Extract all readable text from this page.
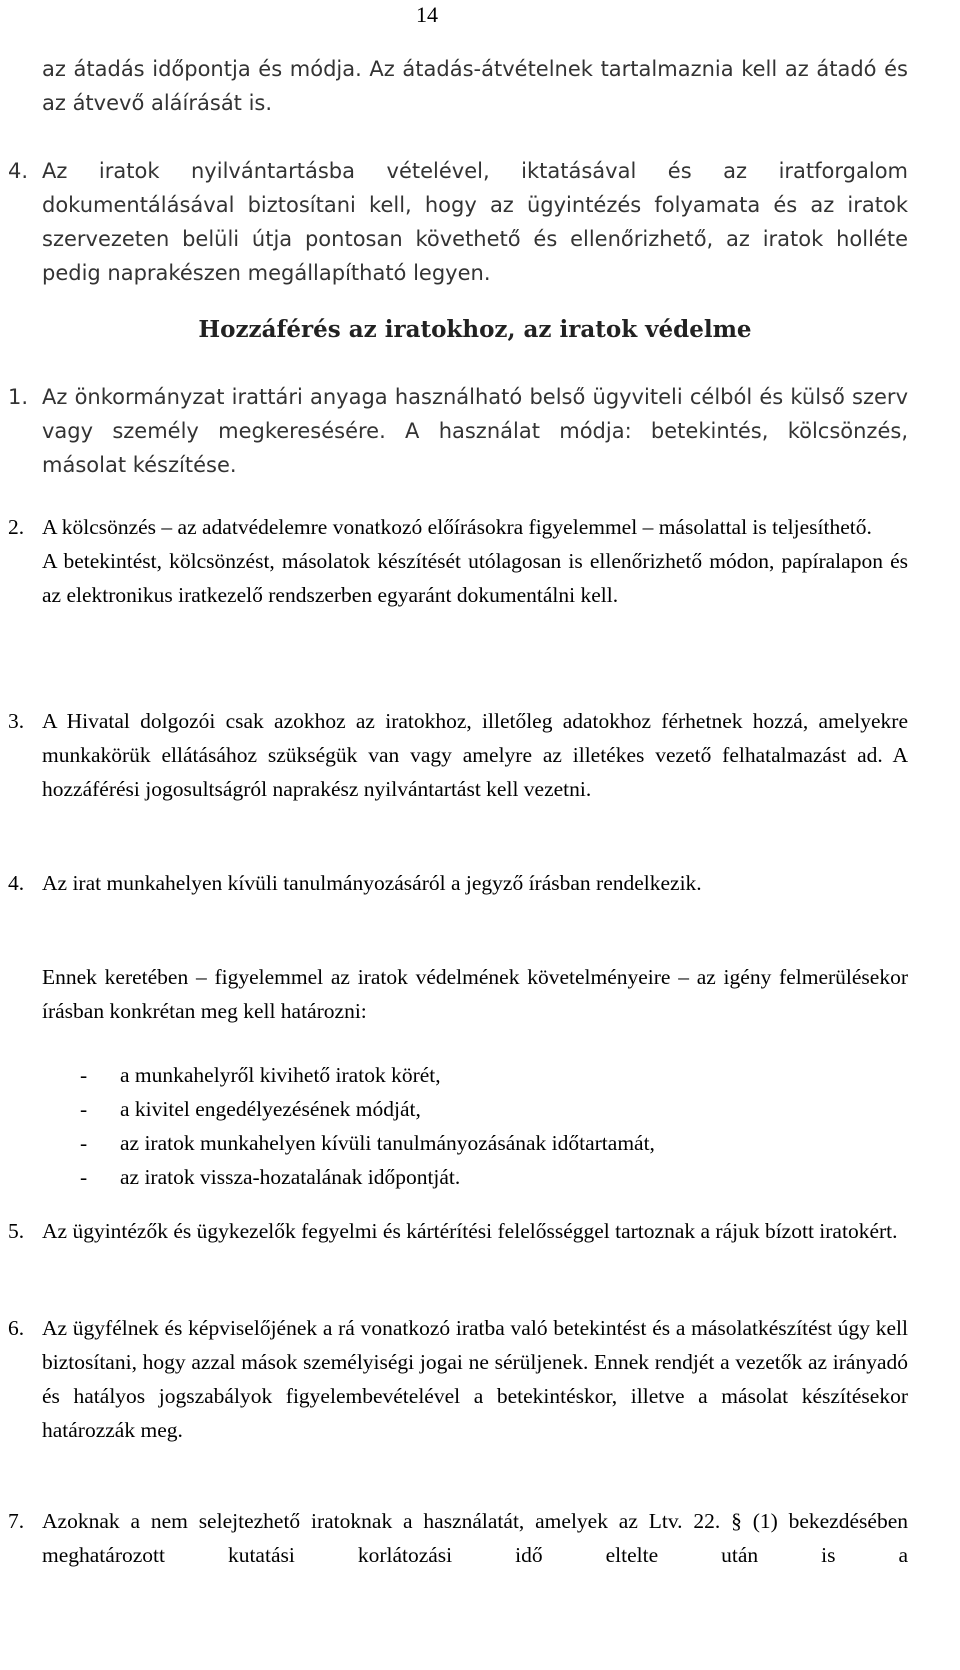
14

az átadás időpontja és módja. Az átadás-átvételnek tartalmaznia kell az átadó és az átvevő aláírását is.

4. Az iratok nyilvántartásba vételével, iktatásával és az iratforgalom dokumentálásával biztosítani kell, hogy az ügyintézés folyamata és az iratok szervezeten belüli útja pontosan követhető és ellenőrizhető, az iratok holléte pedig naprakészen megállapítható legyen.

Hozzáférés az iratokhoz, az iratok védelme
1. Az önkormányzat irattári anyaga használható belső ügyviteli célból és külső szerv vagy személy megkeresésére. A használat módja: betekintés, kölcsönzés, másolat készítése.

2. A kölcsönzés – az adatvédelemre vonatkozó előírásokra figyelemmel – másolattal is teljesíthető.

A betekintést, kölcsönzést, másolatok készítését utólagosan is ellenőrizhető módon, papíralapon és az elektronikus iratkezelő rendszerben egyaránt dokumentálni kell.

3. A Hivatal dolgozói csak azokhoz az iratokhoz, illetőleg adatokhoz férhetnek hozzá, amelyekre munkakörük ellátásához szükségük van vagy amelyre az illetékes vezető felhatalmazást ad. A hozzáférési jogosultságról naprakész nyilvántartást kell vezetni.

4. Az irat munkahelyen kívüli tanulmányozásáról a jegyző írásban rendelkezik.

Ennek keretében – figyelemmel az iratok védelmének követelményeire – az igény felmerülésekor írásban konkrétan meg kell határozni:

- a munkahelyről kivihető iratok körét,
- a kivitel engedélyezésének módját,
- az iratok munkahelyen kívüli tanulmányozásának időtartamát,
- az iratok vissza-hozatalának időpontját.
5. Az ügyintézők és ügykezelők fegyelmi és kártérítési felelősséggel tartoznak a rájuk bízott iratokért.

6. Az ügyfélnek és képviselőjének a rá vonatkozó iratba való betekintést és a másolatkészítést úgy kell biztosítani, hogy azzal mások személyiségi jogai ne sérüljenek. Ennek rendjét a vezetők az irányadó és hatályos jogszabályok figyelembevételével a betekintéskor, illetve a másolat készítésekor határozzák meg.

7. Azoknak a nem selejtezhető iratoknak a használatát, amelyek az Ltv. 22. § (1) bekezdésében meghatározott kutatási korlátozási idő eltelte után is a
